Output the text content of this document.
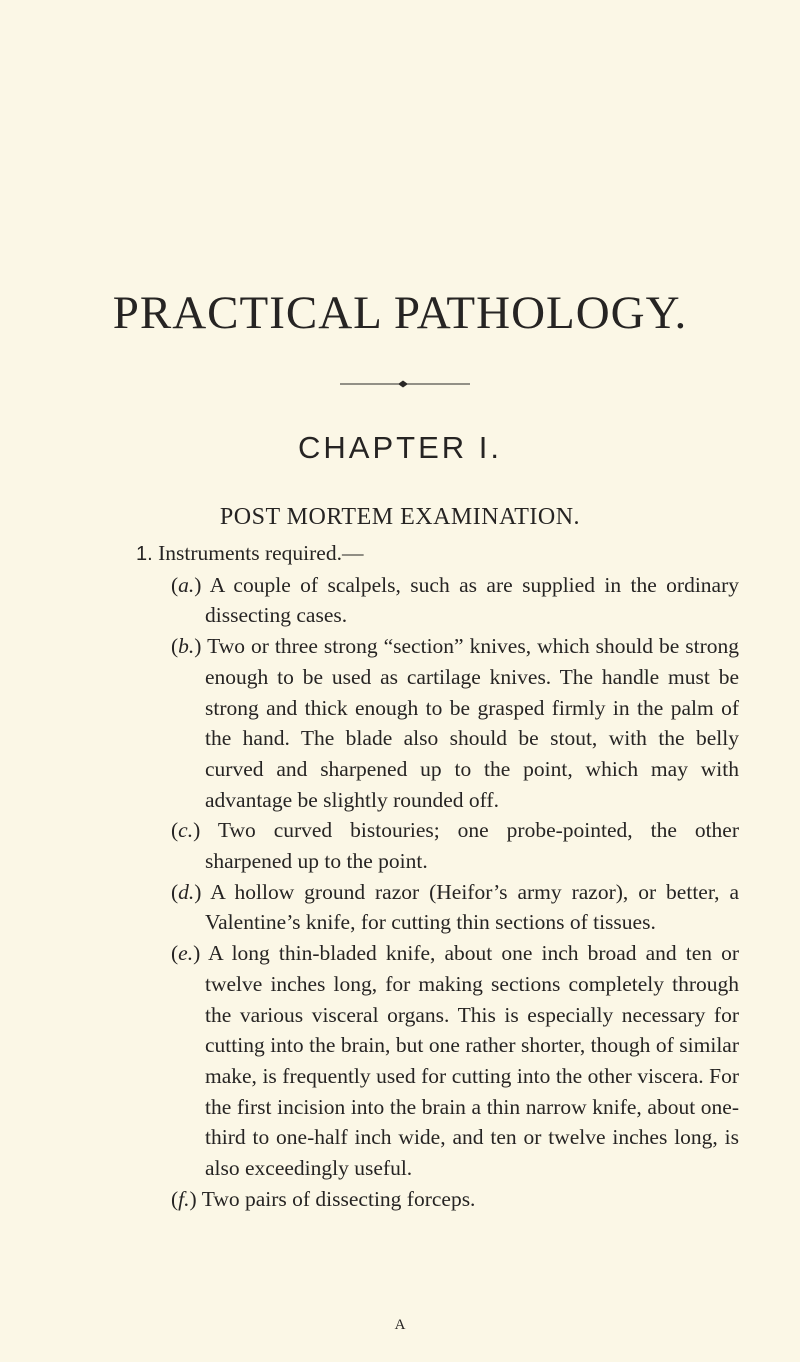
PRACTICAL PATHOLOGY.
CHAPTER I.
POST MORTEM EXAMINATION.
1. Instruments required.—
(a.) A couple of scalpels, such as are supplied in the ordinary dissecting cases.
(b.) Two or three strong “section” knives, which should be strong enough to be used as cartilage knives. The handle must be strong and thick enough to be grasped firmly in the palm of the hand. The blade also should be stout, with the belly curved and sharpened up to the point, which may with advantage be slightly rounded off.
(c.) Two curved bistouries; one probe-pointed, the other sharpened up to the point.
(d.) A hollow ground razor (Heifor’s army razor), or better, a Valentine’s knife, for cutting thin sections of tissues.
(e.) A long thin-bladed knife, about one inch broad and ten or twelve inches long, for making sections completely through the various visceral organs. This is especially necessary for cutting into the brain, but one rather shorter, though of similar make, is frequently used for cutting into the other viscera. For the first incision into the brain a thin narrow knife, about one-third to one-half inch wide, and ten or twelve inches long, is also exceedingly useful.
(f.) Two pairs of dissecting forceps.
A
